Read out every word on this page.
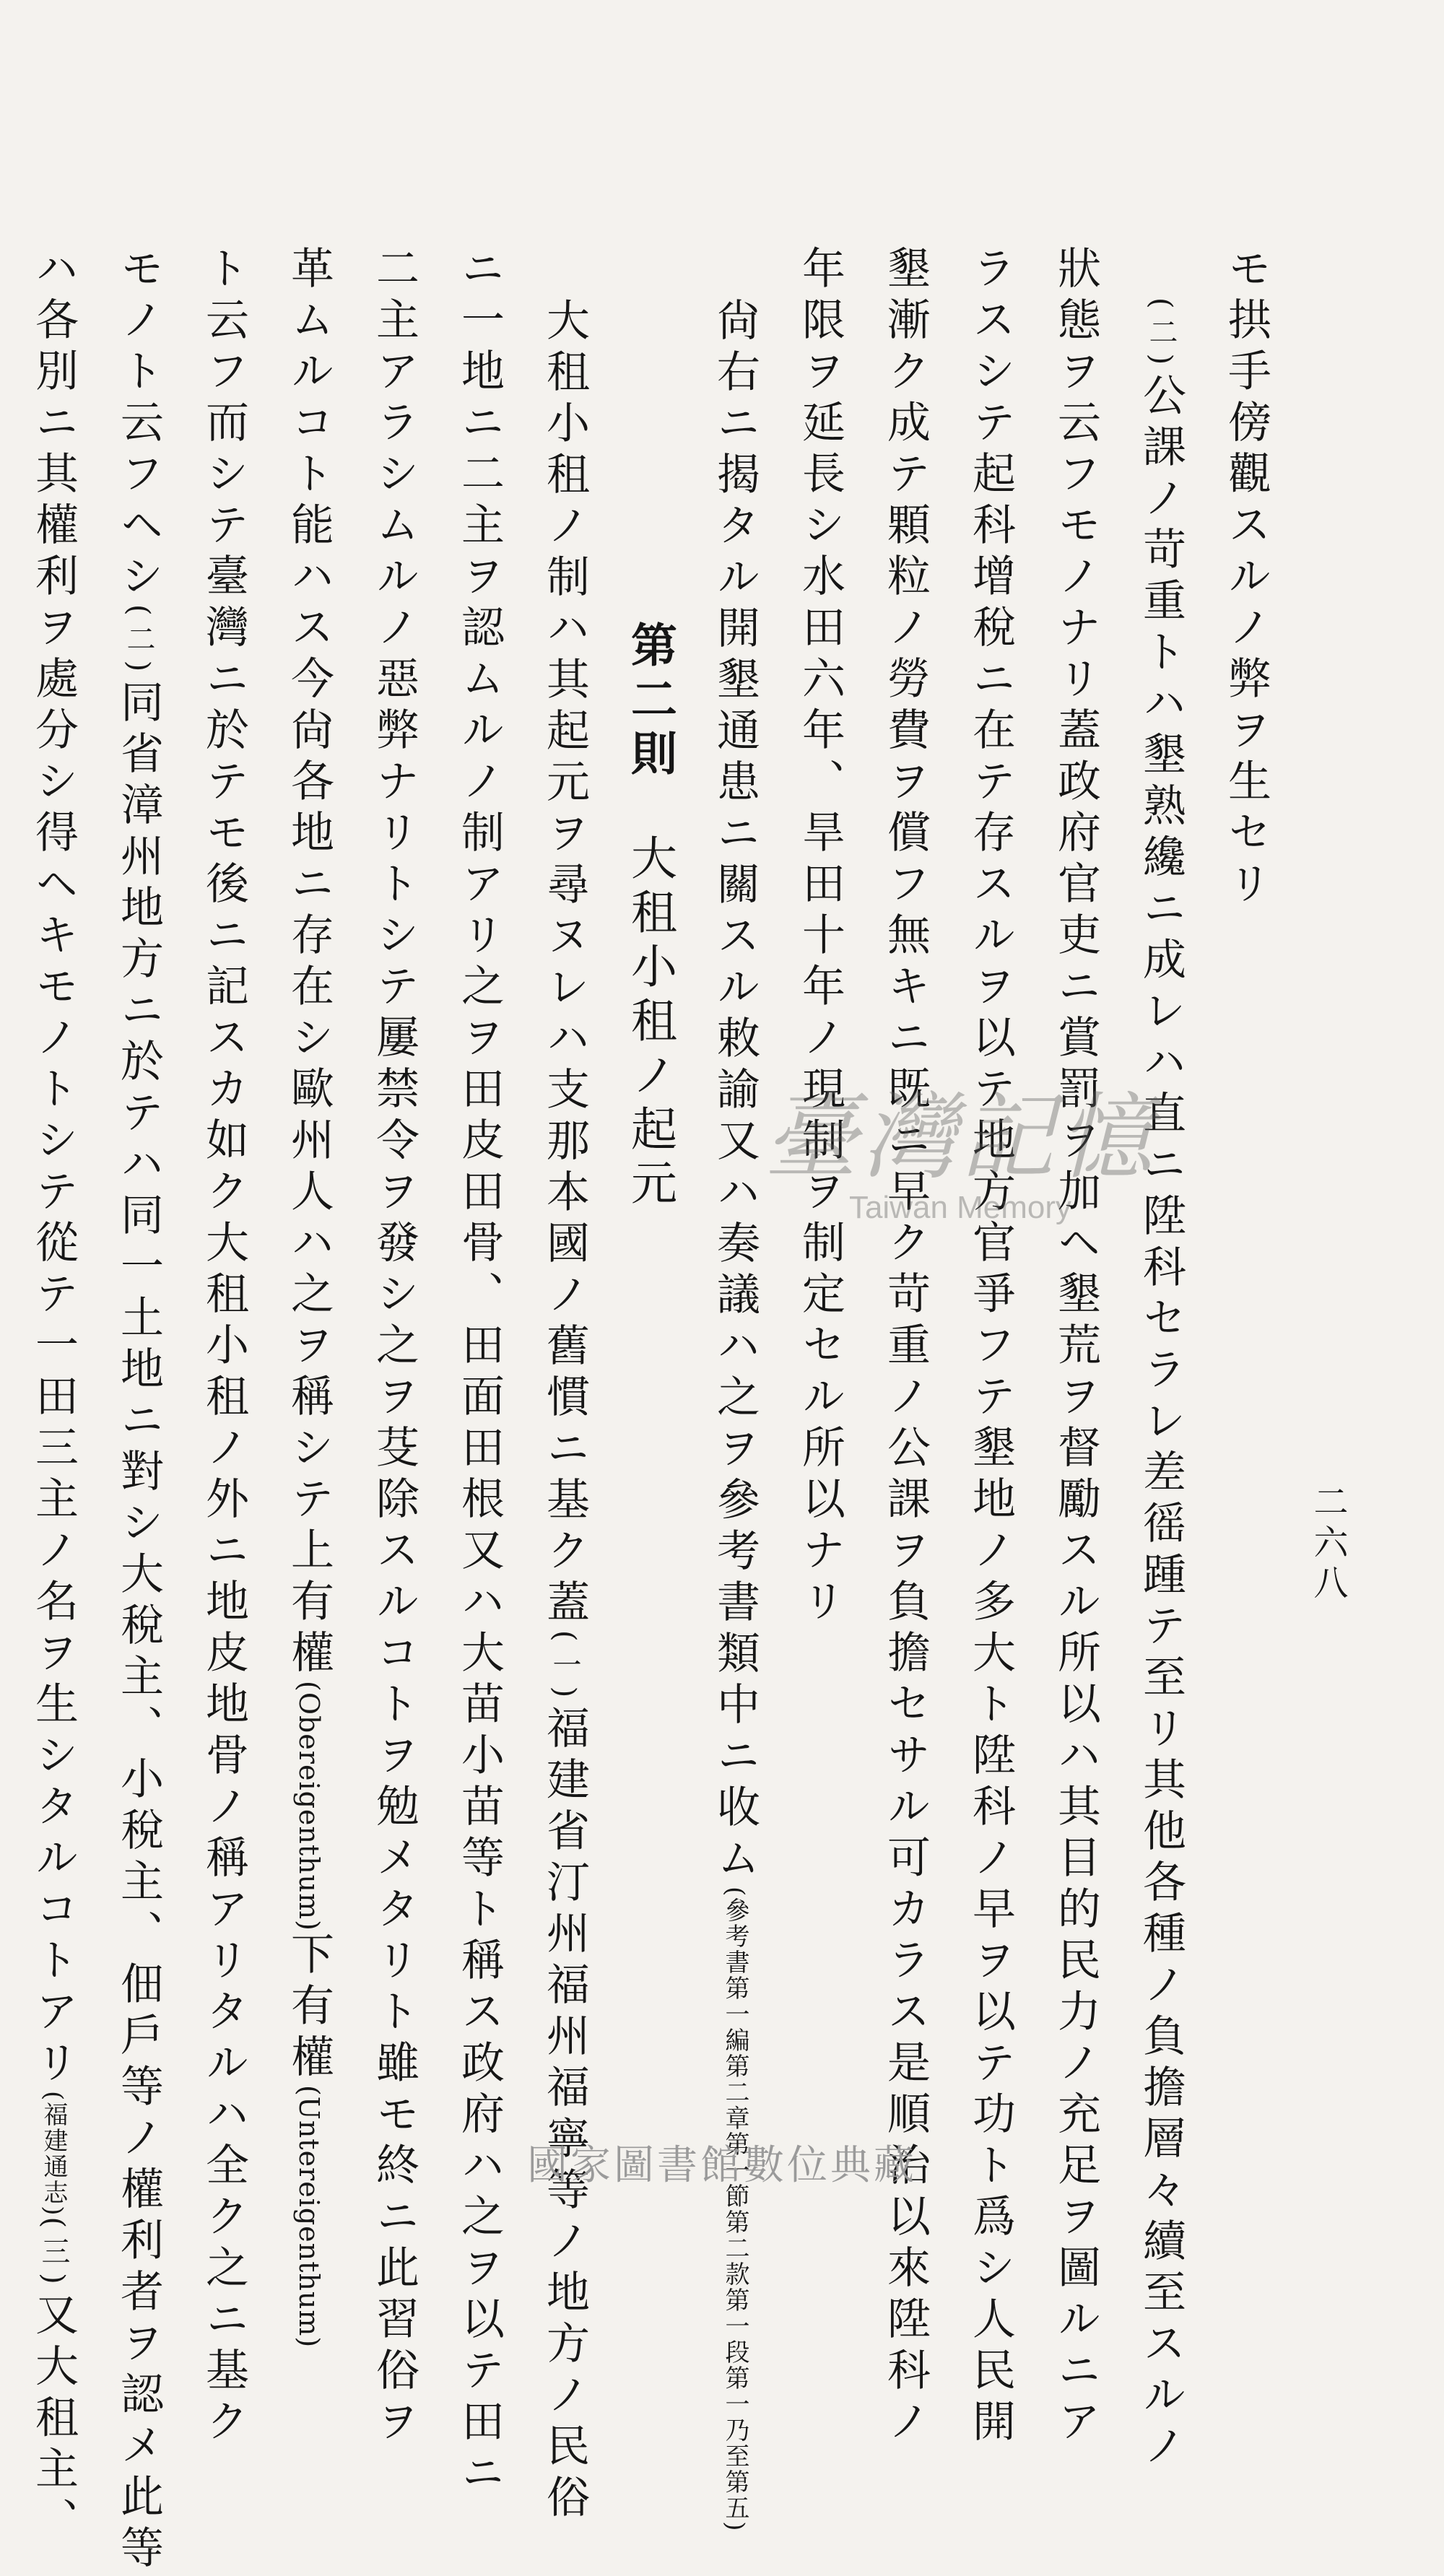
二六八

モ拱手傍觀スルノ弊ヲ生セリ

(二)公課ノ苛重トハ墾熟纔ニ成レハ直ニ陞科セラレ差徭踵テ至リ其他各種ノ負擔層々續至スルノ

狀態ヲ云フモノナリ蓋政府官吏ニ賞罰ヲ加ヘ墾荒ヲ督勵スル所以ハ其目的民力ノ充足ヲ圖ルニア

ラスシテ起科增稅ニ在テ存スルヲ以テ地方官爭フテ墾地ノ多大ト陞科ノ早ヲ以テ功ト爲シ人民開

墾漸ク成テ顆粒ノ勞費ヲ償フ無キニ既ニ早ク苛重ノ公課ヲ負擔セサル可カラス是順治以來陞科ノ

年限ヲ延長シ水田六年、旱田十年ノ現制ヲ制定セル所以ナリ

尙右ニ揭タル開墾通患ニ關スル敕諭又ハ奏議ハ之ヲ參考書類中ニ收ム(參考書第一編第二章第一節第二款第一段第一乃至第五)

第二則大租小租ノ起元

大租小租ノ制ハ其起元ヲ尋ヌレハ支那本國ノ舊慣ニ基ク蓋(一)福建省汀州福州福寧等ノ地方ノ民俗

ニ一地ニ二主ヲ認ムルノ制アリ之ヲ田皮田骨、田面田根又ハ大苗小苗等ト稱ス政府ハ之ヲ以テ田ニ

二主アラシムルノ惡弊ナリトシテ屢禁令ヲ發シ之ヲ芟除スルコトヲ勉メタリト雖モ終ニ此習俗ヲ

革ムルコト能ハス今尙各地ニ存在シ歐州人ハ之ヲ稱シテ上有權(Obereigenthum)下有權(Untereigenthum)

ト云フ而シテ臺灣ニ於テモ後ニ記スカ如ク大租小租ノ外ニ地皮地骨ノ稱アリタルハ全ク之ニ基ク

モノト云フヘシ(二)同省漳州地方ニ於テハ同一土地ニ對シ大稅主、小稅主、佃戶等ノ權利者ヲ認メ此等

ハ各別ニ其權利ヲ處分シ得ヘキモノトシテ從テ一田三主ノ名ヲ生シタルコトアリ(福建通志)(三)又大租主、

臺灣記憶
Taiwan Memory
國家圖書館數位典藏
